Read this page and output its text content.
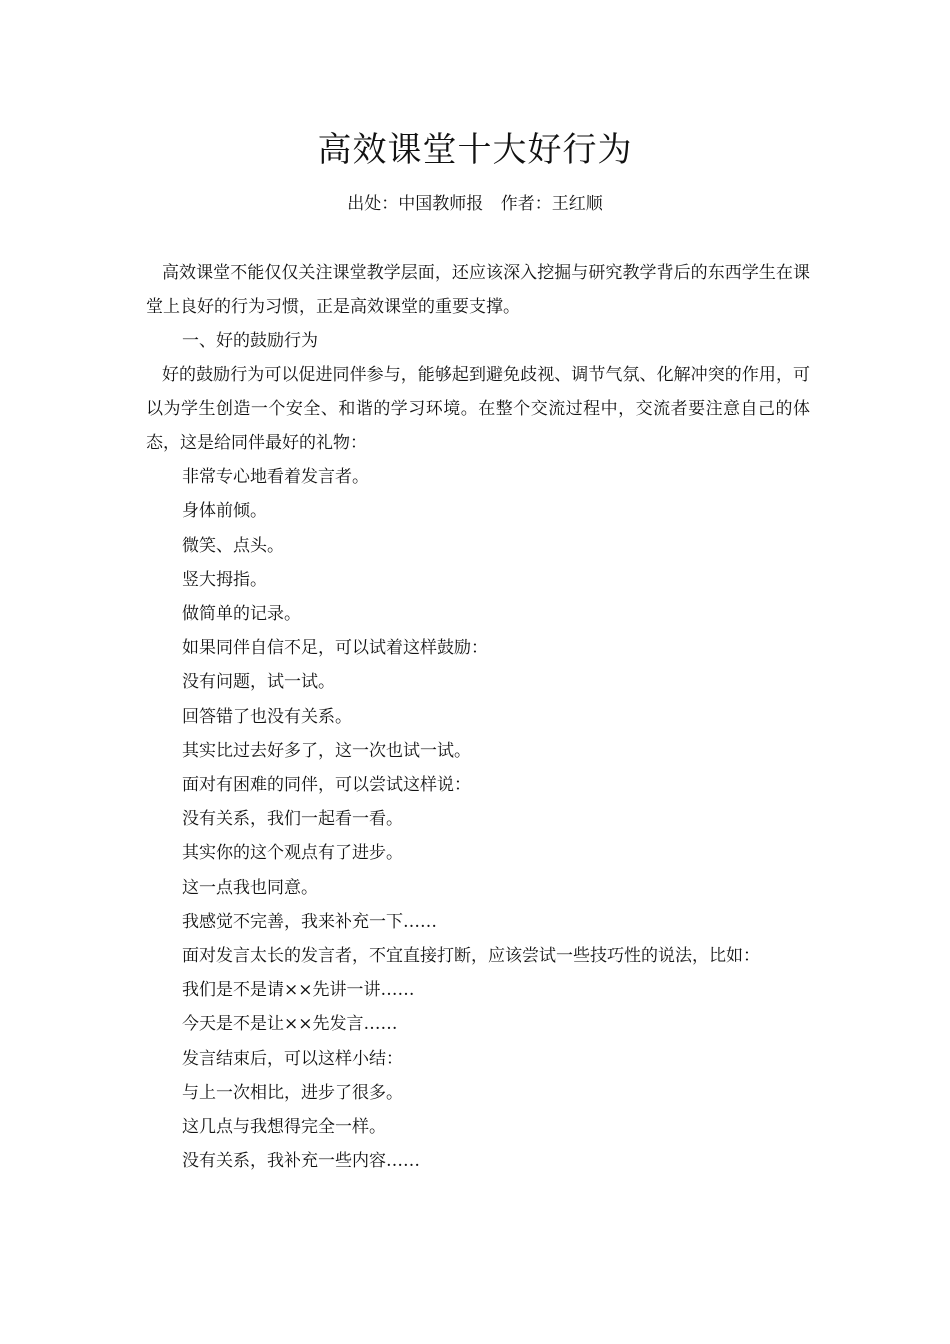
高效课堂十大好行为
出处：中国教师报 作者：王红顺

高效课堂不能仅仅关注课堂教学层面，还应该深入挖掘与研究教学背后的东西学生在课堂上良好的行为习惯，正是高效课堂的重要支撑。

一、好的鼓励行为

好的鼓励行为可以促进同伴参与，能够起到避免歧视、调节气氛、化解冲突的作用，可以为学生创造一个安全、和谐的学习环境。在整个交流过程中，交流者要注意自己的体态，这是给同伴最好的礼物：

非常专心地看着发言者。

身体前倾。

微笑、点头。

竖大拇指。

做简单的记录。

如果同伴自信不足，可以试着这样鼓励：

没有问题，试一试。

回答错了也没有关系。

其实比过去好多了，这一次也试一试。

面对有困难的同伴，可以尝试这样说：

没有关系，我们一起看一看。

其实你的这个观点有了进步。

这一点我也同意。

我感觉不完善，我来补充一下……

面对发言太长的发言者，不宜直接打断，应该尝试一些技巧性的说法，比如：

我们是不是请××先讲一讲……

今天是不是让××先发言……

发言结束后，可以这样小结：

与上一次相比，进步了很多。

这几点与我想得完全一样。

没有关系，我补充一些内容……
